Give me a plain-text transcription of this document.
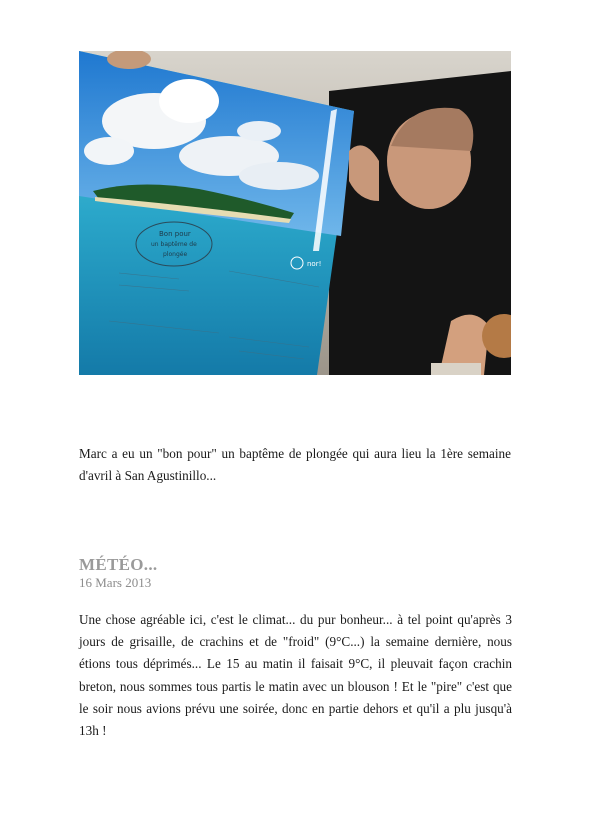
Bon pour
un baptême de
plongée
nor!
Marc a eu un "bon pour" un baptême de plongée qui aura lieu la 1ère semaine d'avril à San Agustinillo...
MÉTÉO...
16 Mars 2013
Une chose agréable ici, c'est le climat... du pur bonheur... à tel point qu'après 3 jours de grisaille, de crachins et de "froid" (9°C...) la semaine dernière, nous étions tous déprimés... Le 15 au matin il faisait 9°C, il pleuvait façon crachin breton, nous sommes tous partis le matin avec un blouson ! Et le "pire" c'est que le soir nous avions prévu une soirée, donc en partie dehors et qu'il a plu jusqu'à 13h !
